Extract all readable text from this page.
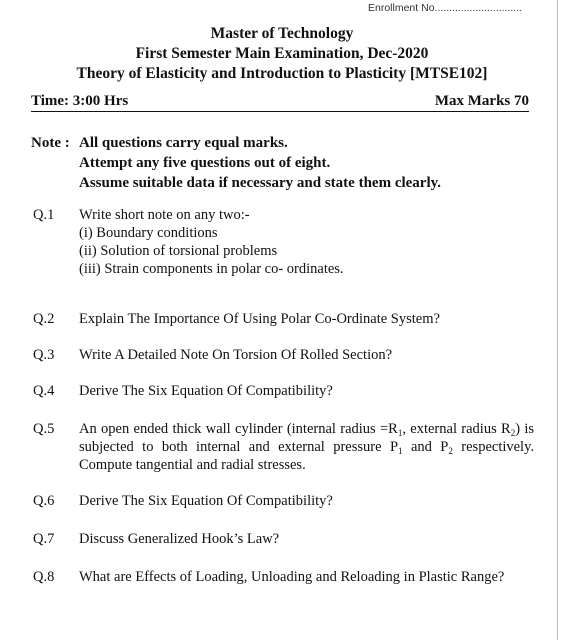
Enrollment No..............................
Master of Technology
First Semester Main Examination, Dec-2020
Theory of Elasticity and Introduction to Plasticity [MTSE102]
Time: 3:00 Hrs	Max Marks 70
Note : All questions carry equal marks.
Attempt any five questions out of eight.
Assume suitable data if necessary and state them clearly.
Q.1 Write short note on any two:-
(i) Boundary conditions
(ii) Solution of torsional problems
(iii) Strain components in polar co- ordinates.
Q.2 Explain The Importance Of Using Polar Co-Ordinate System?
Q.3 Write A Detailed Note On Torsion Of Rolled Section?
Q.4 Derive The Six Equation Of Compatibility?
Q.5 An open ended thick wall cylinder (internal radius $=R_1$, external radius $R_2$) is subjected to both internal and external pressure $P_1$ and $P_2$ respectively. Compute tangential and radial stresses.
Q.6 Derive The Six Equation Of Compatibility?
Q.7 Discuss Generalized Hook’s Law?
Q.8 What are Effects of Loading, Unloading and Reloading in Plastic Range?
